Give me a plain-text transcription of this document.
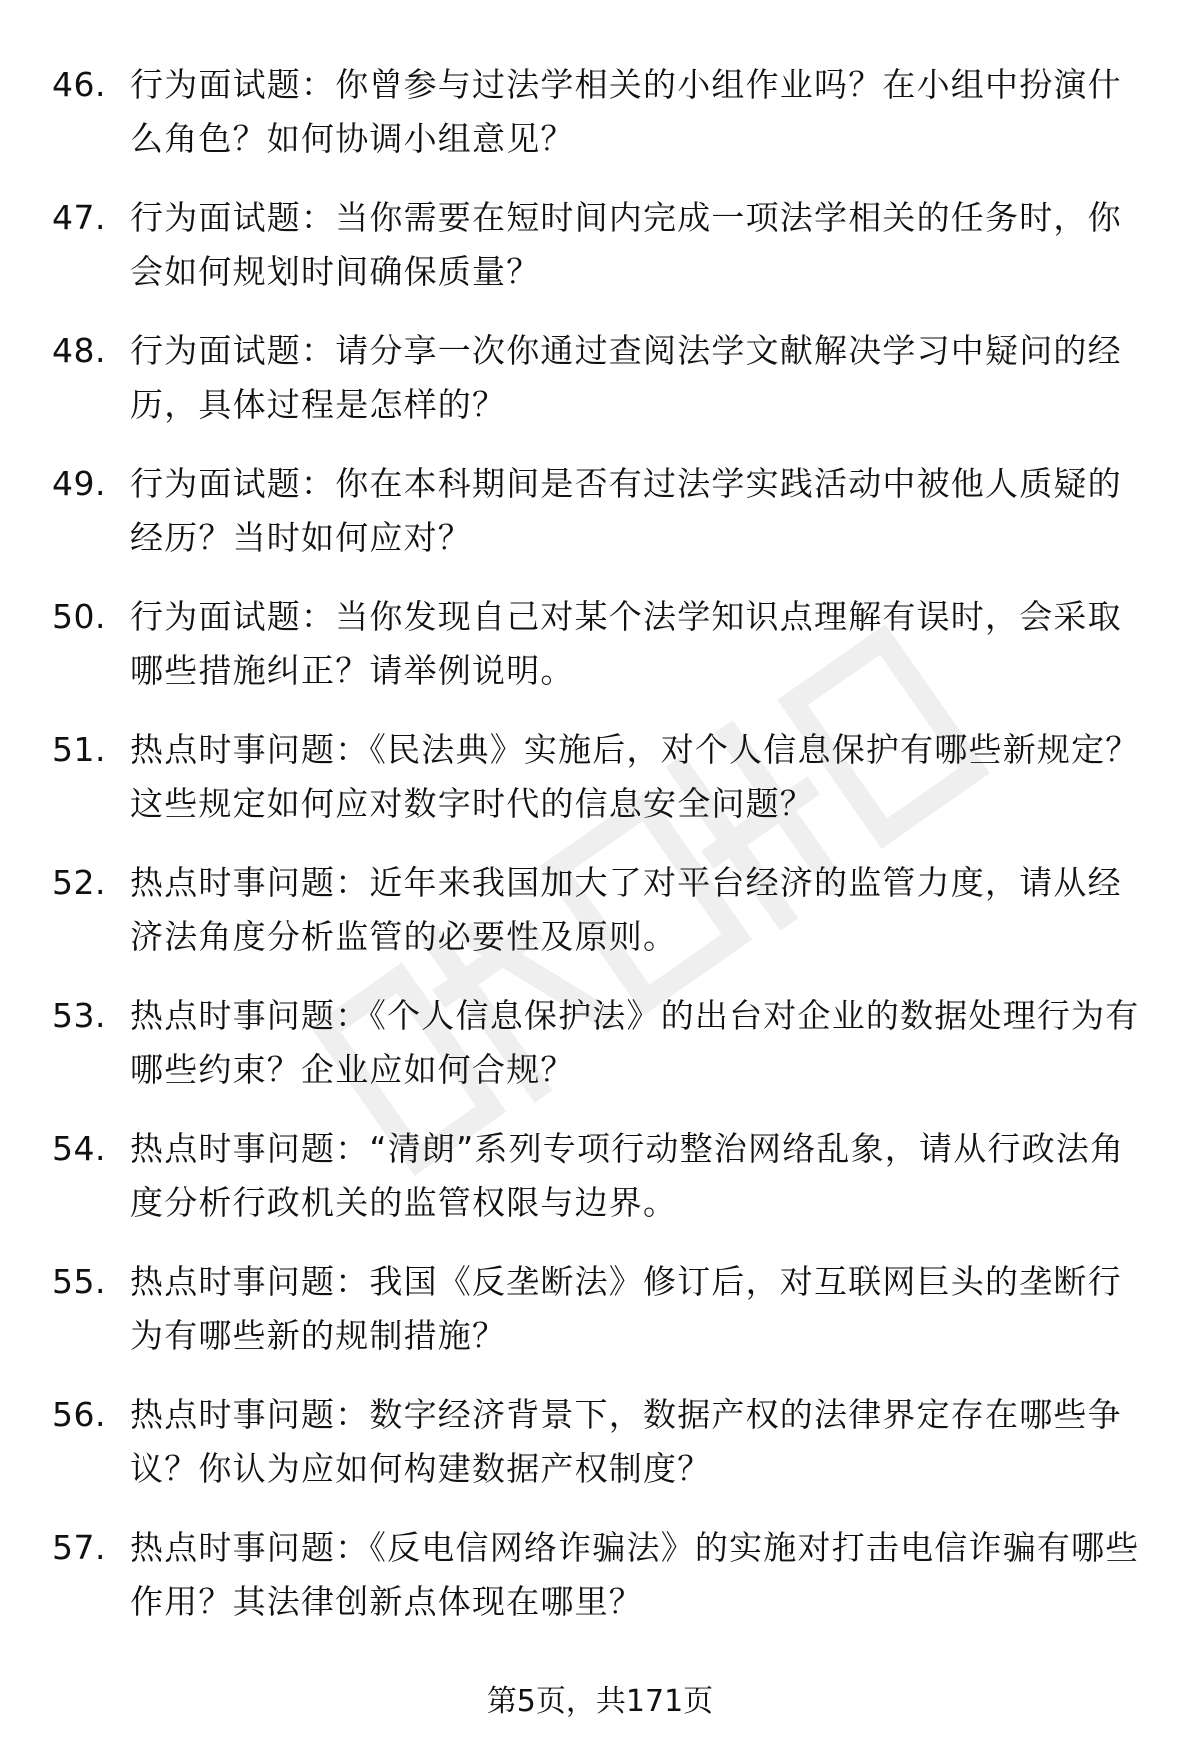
46. 行为面试题：你曾参与过法学相关的小组作业吗？在小组中扮演什么角色？如何协调小组意见？
47. 行为面试题：当你需要在短时间内完成一项法学相关的任务时，你会如何规划时间确保质量？
48. 行为面试题：请分享一次你通过查阅法学文献解决学习中疑问的经历，具体过程是怎样的？
49. 行为面试题：你在本科期间是否有过法学实践活动中被他人质疑的经历？当时如何应对？
50. 行为面试题：当你发现自己对某个法学知识点理解有误时，会采取哪些措施纠正？请举例说明。
51. 热点时事问题：《民法典》实施后，对个人信息保护有哪些新规定？这些规定如何应对数字时代的信息安全问题？
52. 热点时事问题：近年来我国加大了对平台经济的监管力度，请从经济法角度分析监管的必要性及原则。
53. 热点时事问题：《个人信息保护法》的出台对企业的数据处理行为有哪些约束？企业应如何合规？
54. 热点时事问题：“清朗”系列专项行动整治网络乱象，请从行政法角度分析行政机关的监管权限与边界。
55. 热点时事问题：我国《反垄断法》修订后，对互联网巨头的垄断行为有哪些新的规制措施？
56. 热点时事问题：数字经济背景下，数据产权的法律界定存在哪些争议？你认为应如何构建数据产权制度？
57. 热点时事问题：《反电信网络诈骗法》的实施对打击电信诈骗有哪些作用？其法律创新点体现在哪里？
第5页，共171页
